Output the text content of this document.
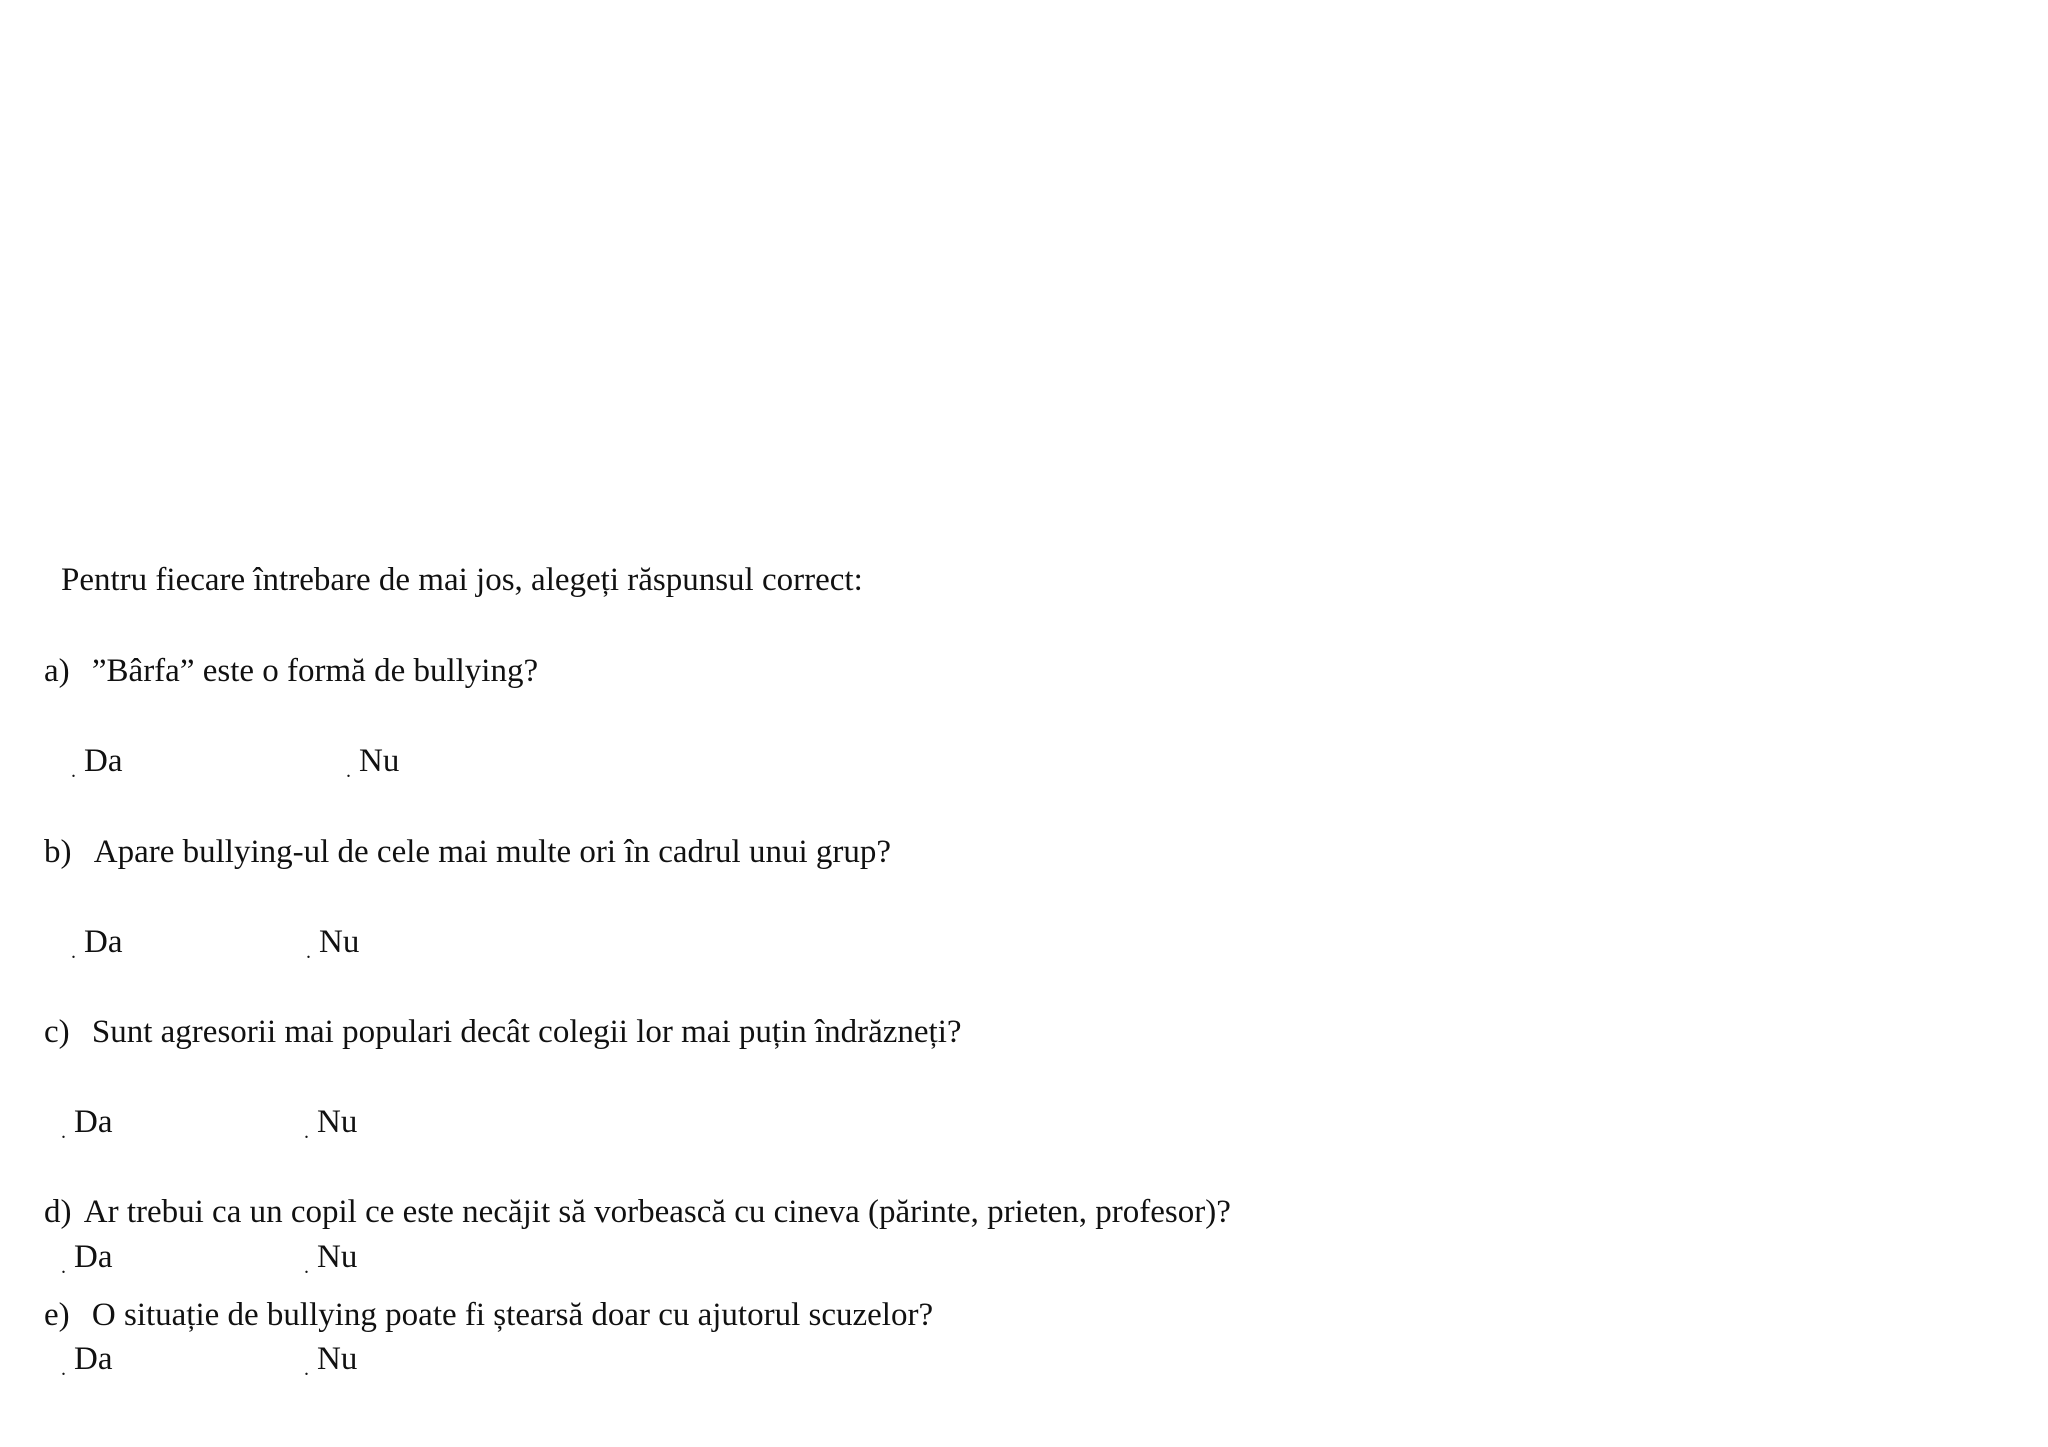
Pentru fiecare întrebare de mai jos, alegeți răspunsul correct:
a) ”Bârfa” este o formă de bullying?
. Da	. Nu
b) Apare bullying-ul de cele mai multe ori în cadrul unui grup?
. Da	. Nu
c) Sunt agresorii mai populari decât colegii lor mai puțin îndrăzneți?
. Da	. Nu
d) Ar trebui ca un copil ce este necăjit să vorbească cu cineva (părinte, prieten, profesor)?
. Da	. Nu
e) O situație de bullying poate fi ștearsă doar cu ajutorul scuzelor?
. Da	. Nu
